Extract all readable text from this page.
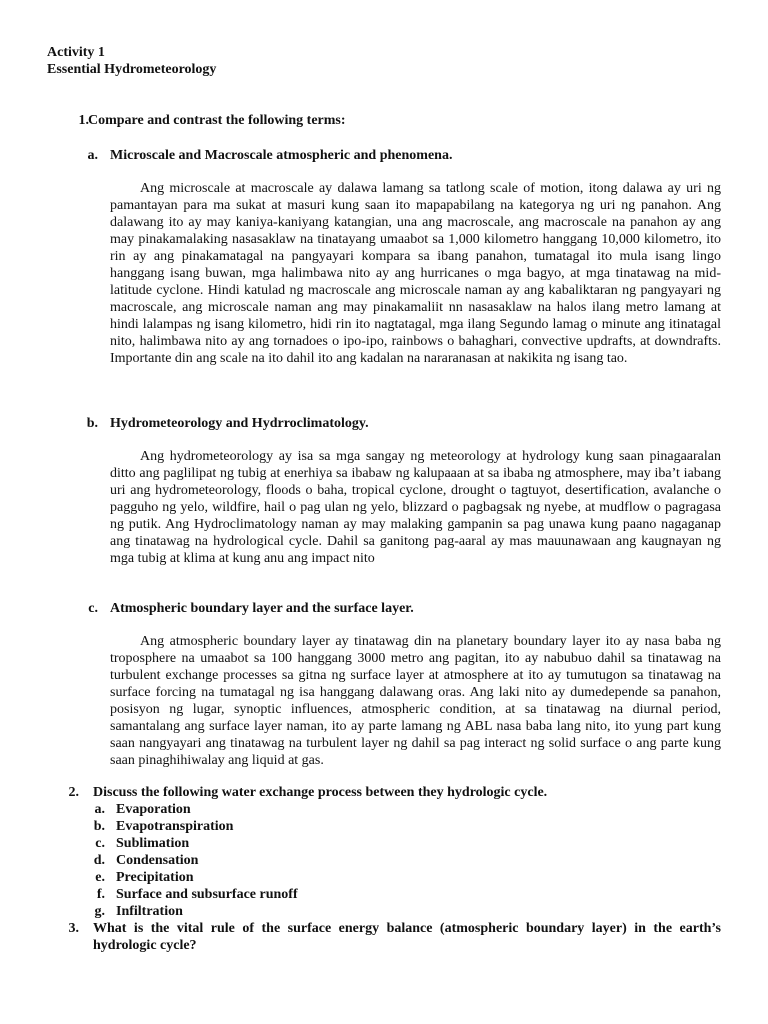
Activity 1
Essential Hydrometeorology
1. Compare and contrast the following terms:
a. Microscale and Macroscale atmospheric and phenomena.
Ang microscale at macroscale ay dalawa lamang sa tatlong scale of motion, itong dalawa ay uri ng pamantayan para ma sukat at masuri kung saan ito mapapabilang na kategorya ng uri ng panahon. Ang dalawang ito ay may kaniya-kaniyang katangian, una ang macroscale, ang macroscale na panahon ay ang may pinakamalaking nasasaklaw na tinatayang umaabot sa 1,000 kilometro hanggang 10,000 kilometro, ito rin ay ang pinakamatagal na pangyayari kompara sa ibang panahon, tumatagal ito mula isang lingo hanggang isang buwan, mga halimbawa nito ay ang hurricanes o mga bagyo, at mga tinatawag na mid-latitude cyclone. Hindi katulad ng macroscale ang microscale naman ay ang kabaliktaran ng pangyayari ng macroscale, ang microscale naman ang may pinakamaliit nn nasasaklaw na halos ilang metro lamang at hindi lalampas ng isang kilometro, hidi rin ito nagtatagal, mga ilang Segundo lamag o minute ang itinatagal nito, halimbawa nito ay ang tornadoes o ipo-ipo, rainbows o bahaghari, convective updrafts, at downdrafts. Importante din ang scale na ito dahil ito ang kadalan na nararanasan at nakikita ng isang tao.
b. Hydrometeorology and Hydrroclimatology.
Ang hydrometeorology ay isa sa mga sangay ng meteorology at hydrology kung saan pinagaaralan ditto ang paglilipat ng tubig at enerhiya sa ibabaw ng kalupaaan at sa ibaba ng atmosphere, may iba’t iabang uri ang hydrometeorology, floods o baha, tropical cyclone, drought o tagtuyot, desertification, avalanche o pagguho ng yelo, wildfire, hail o pag ulan ng yelo, blizzard o pagbagsak ng nyebe, at mudflow o pagragasa ng putik. Ang Hydroclimatology naman ay may malaking gampanin sa pag unawa kung paano nagaganap ang tinatawag na hydrological cycle. Dahil sa ganitong pag-aaral ay mas mauunawaan ang kaugnayan ng mga tubig at klima at kung anu ang impact nito
c. Atmospheric boundary layer and the surface layer.
Ang atmospheric boundary layer ay tinatawag din na planetary boundary layer ito ay nasa baba ng troposphere na umaabot sa 100 hanggang 3000 metro ang pagitan, ito ay nabubuo dahil sa tinatawag na turbulent exchange processes sa gitna ng surface layer at atmosphere at ito ay tumutugon sa tinatawag na surface forcing na tumatagal ng isa hanggang dalawang oras. Ang laki nito ay dumedepende sa panahon, posisyon ng lugar, synoptic influences, atmospheric condition, at sa tinatawag na diurnal period, samantalang ang surface layer naman, ito ay parte lamang ng ABL nasa baba lang nito, ito yung part kung saan nangyayari ang tinatawag na turbulent layer ng dahil sa pag interact ng solid surface o ang parte kung saan pinaghihiwalay ang liquid at gas.
2. Discuss the following water exchange process between they hydrologic cycle.
a. Evaporation
b. Evapotranspiration
c. Sublimation
d. Condensation
e. Precipitation
f. Surface and subsurface runoff
g. Infiltration
3. What is the vital rule of the surface energy balance (atmospheric boundary layer) in the earth’s hydrologic cycle?
